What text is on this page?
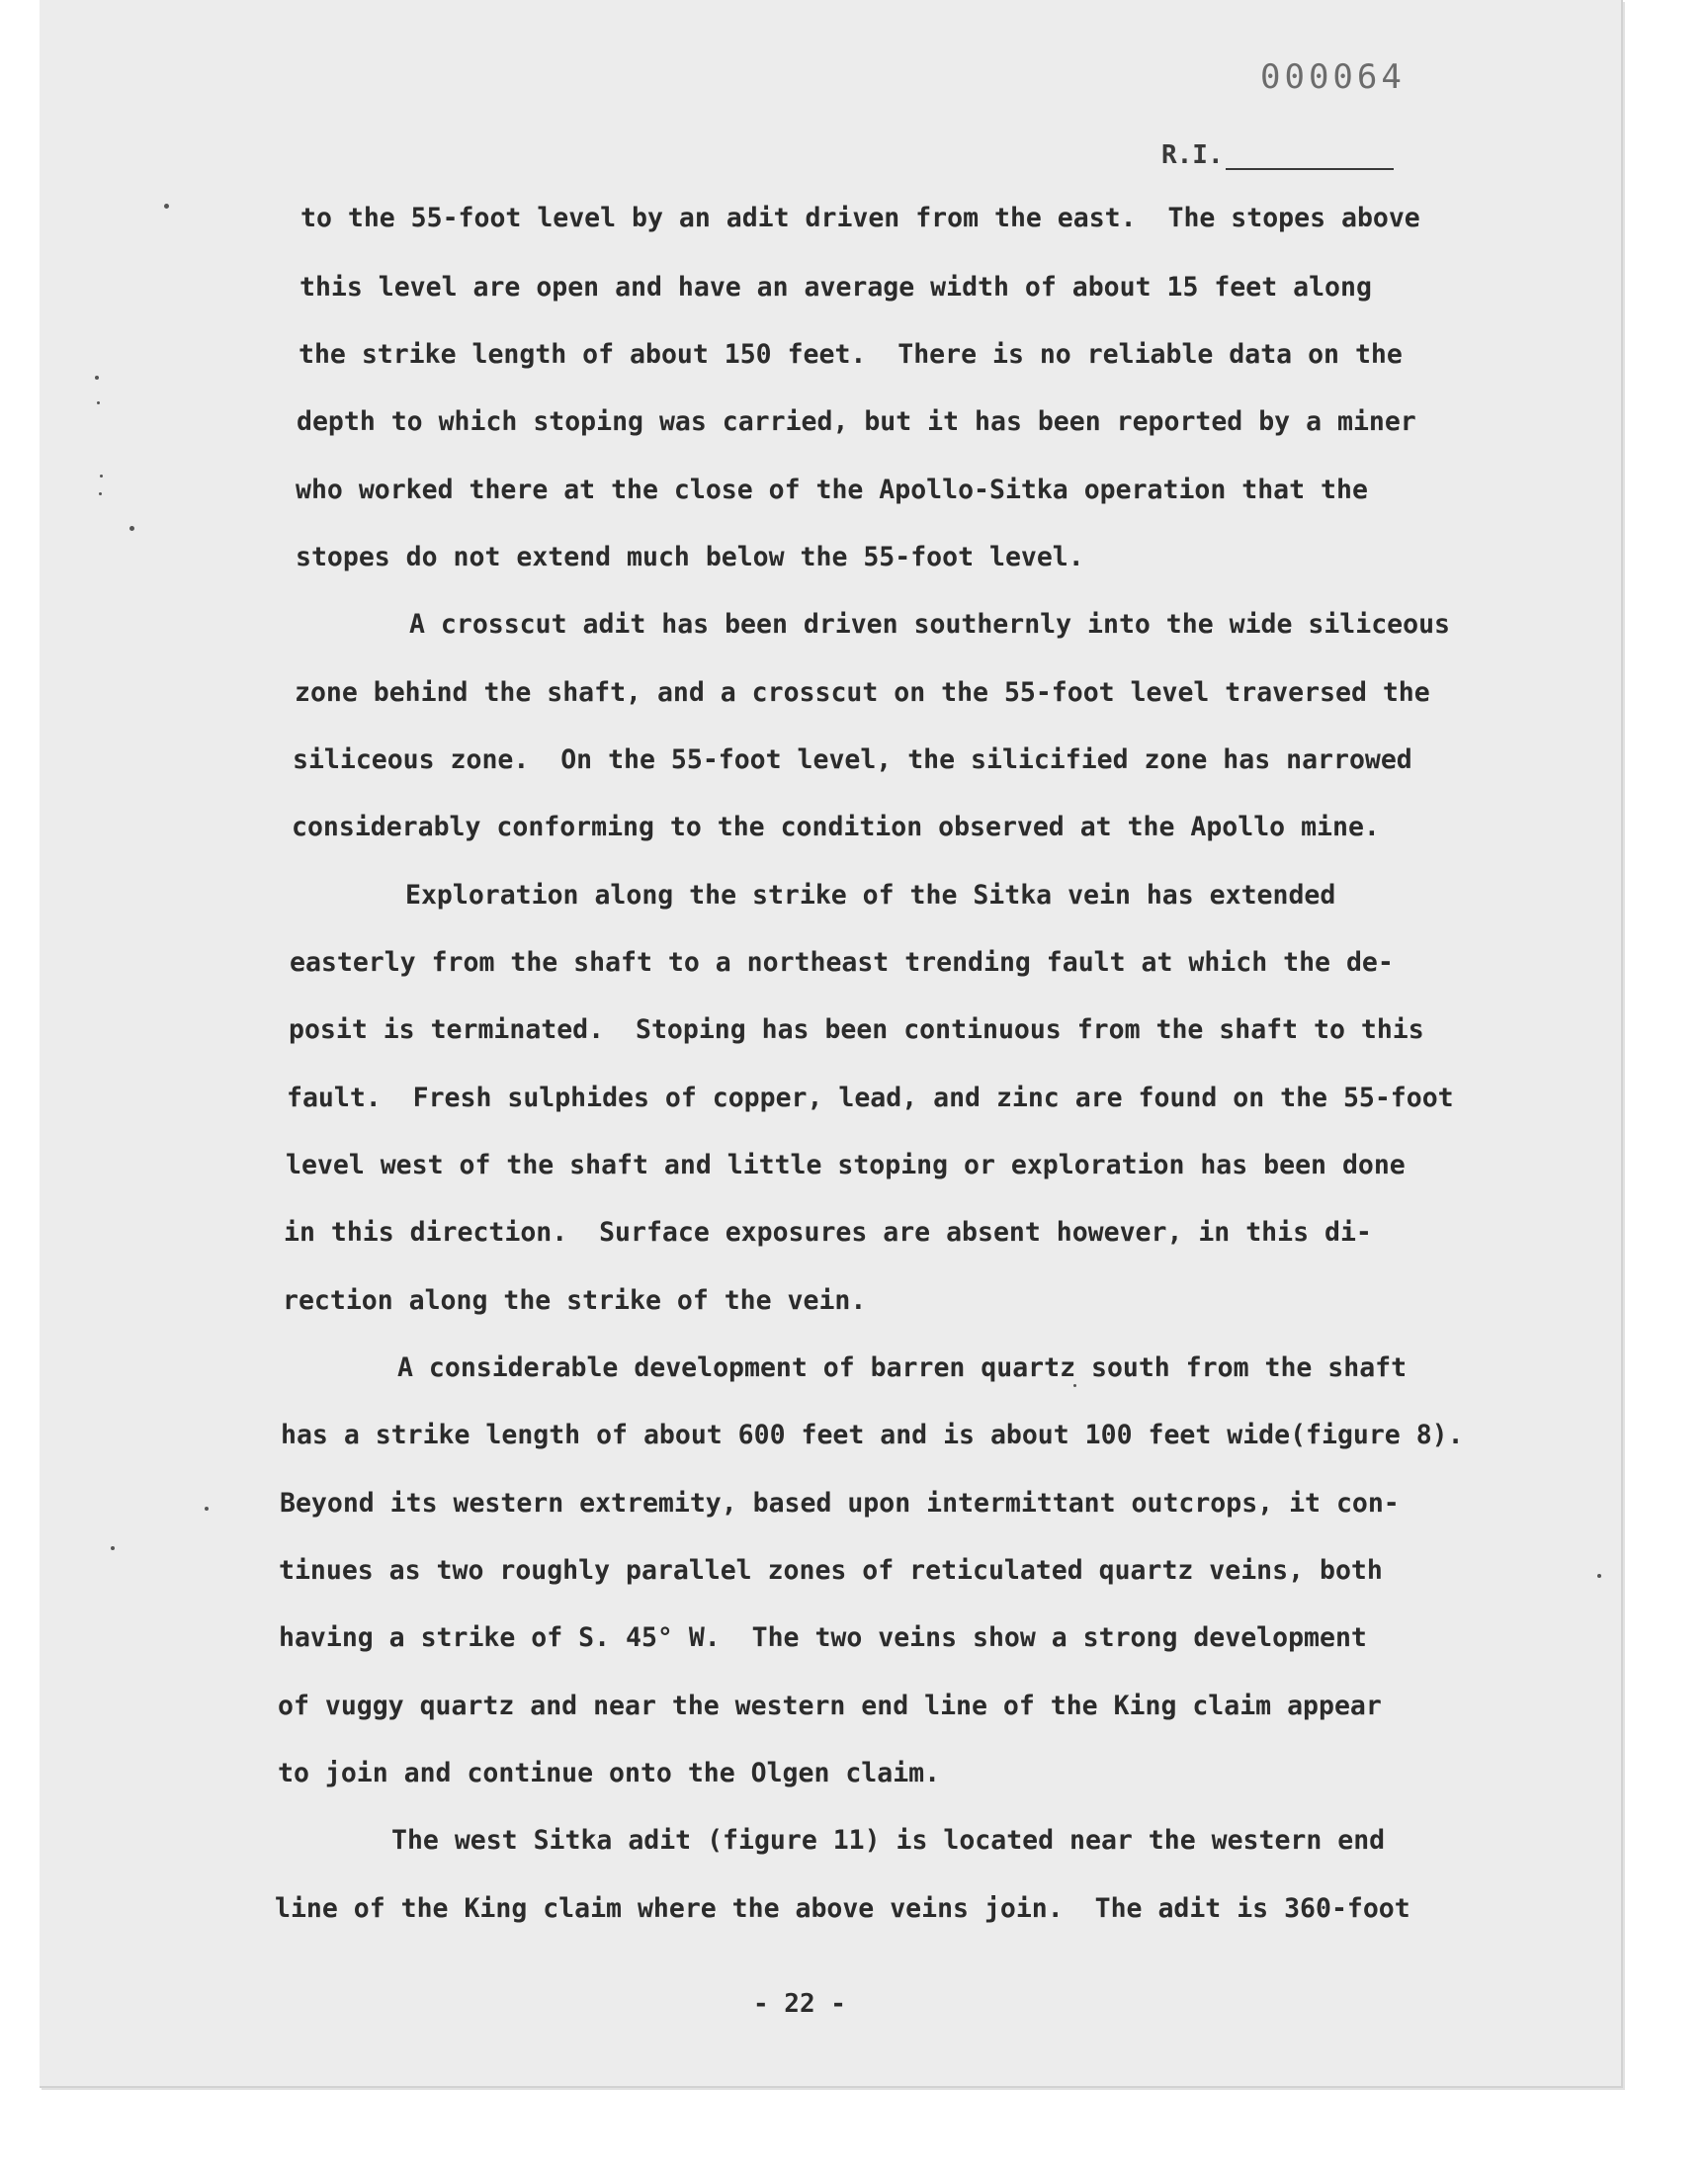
000064
R.I.
to the 55-foot level by an adit driven from the east.  The stopes above
this level are open and have an average width of about 15 feet along
the strike length of about 150 feet.  There is no reliable data on the
depth to which stoping was carried, but it has been reported by a miner
who worked there at the close of the Apollo-Sitka operation that the
stopes do not extend much below the 55-foot level.
A crosscut adit has been driven southernly into the wide siliceous
zone behind the shaft, and a crosscut on the 55-foot level traversed the
siliceous zone.  On the 55-foot level, the silicified zone has narrowed
considerably conforming to the condition observed at the Apollo mine.
Exploration along the strike of the Sitka vein has extended
easterly from the shaft to a northeast trending fault at which the de-
posit is terminated.  Stoping has been continuous from the shaft to this
fault.  Fresh sulphides of copper, lead, and zinc are found on the 55-foot
level west of the shaft and little stoping or exploration has been done
in this direction.  Surface exposures are absent however, in this di-
rection along the strike of the vein.
A considerable development of barren quartz south from the shaft
has a strike length of about 600 feet and is about 100 feet wide(figure 8).
Beyond its western extremity, based upon intermittant outcrops, it con-
tinues as two roughly parallel zones of reticulated quartz veins, both
having a strike of S. 45° W.  The two veins show a strong development
of vuggy quartz and near the western end line of the King claim appear
to join and continue onto the Olgen claim.
The west Sitka adit (figure 11) is located near the western end
line of the King claim where the above veins join.  The adit is 360-foot
- 22 -
